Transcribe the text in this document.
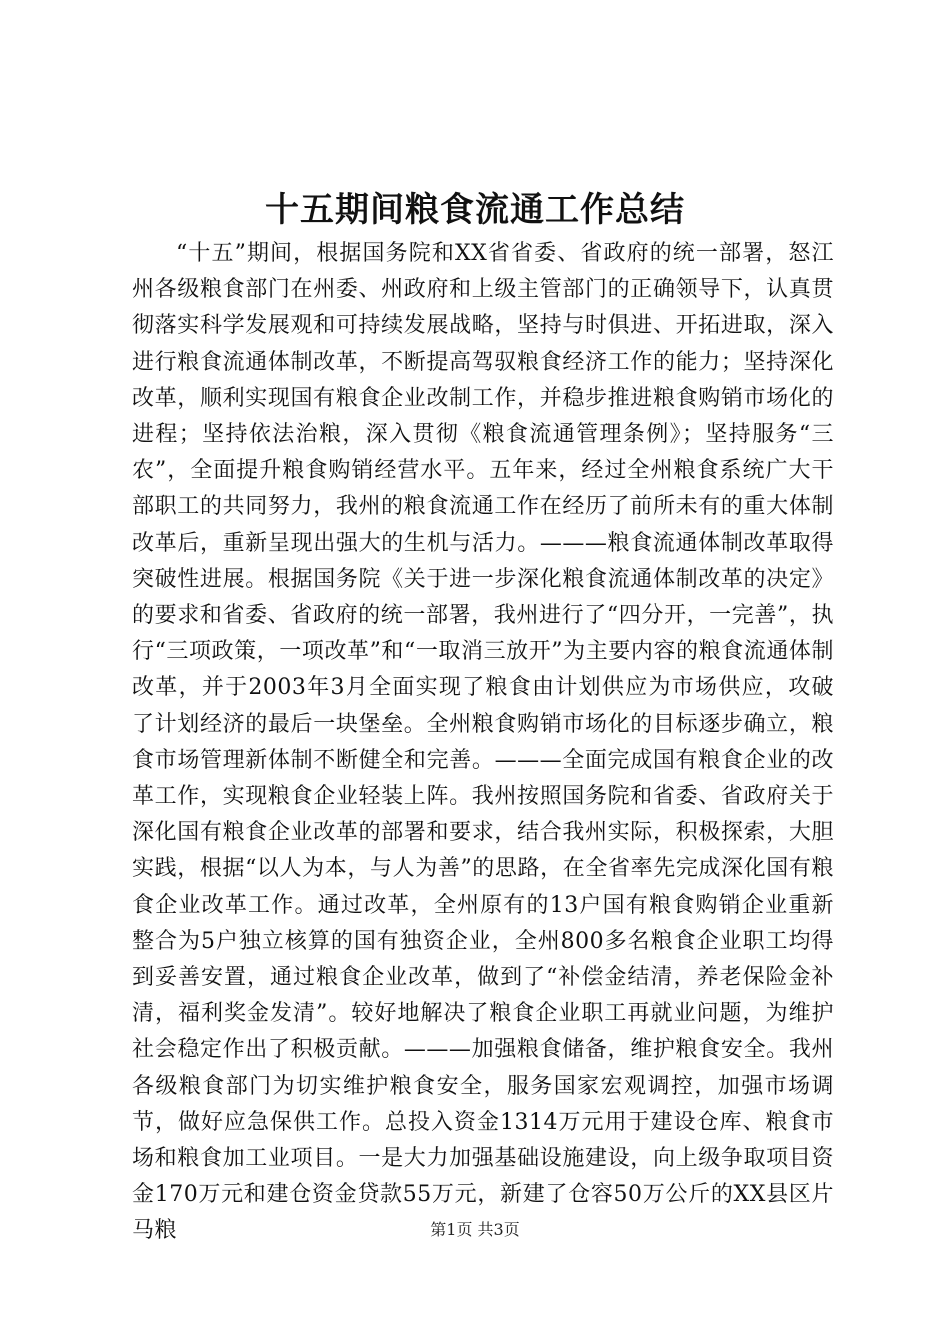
十五期间粮食流通工作总结

“十五”期间，根据国务院和XX省省委、省政府的统一部署，怒江州各级粮食部门在州委、州政府和上级主管部门的正确领导下，认真贯彻落实科学发展观和可持续发展战略，坚持与时俱进、开拓进取，深入进行粮食流通体制改革，不断提高驾驭粮食经济工作的能力；坚持深化改革，顺利实现国有粮食企业改制工作，并稳步推进粮食购销市场化的进程；坚持依法治粮，深入贯彻《粮食流通管理条例》；坚持服务“三农”，全面提升粮食购销经营水平。五年来，经过全州粮食系统广大干部职工的共同努力，我州的粮食流通工作在经历了前所未有的重大体制改革后，重新呈现出强大的生机与活力。———粮食流通体制改革取得突破性进展。根据国务院《关于进一步深化粮食流通体制改革的决定》的要求和省委、省政府的统一部署，我州进行了“四分开，一完善”，执行“三项政策，一项改革”和“一取消三放开”为主要内容的粮食流通体制改革，并于2003年3月全面实现了粮食由计划供应为市场供应，攻破了计划经济的最后一块堡垒。全州粮食购销市场化的目标逐步确立，粮食市场管理新体制不断健全和完善。———全面完成国有粮食企业的改革工作，实现粮食企业轻装上阵。我州按照国务院和省委、省政府关于深化国有粮食企业改革的部署和要求，结合我州实际，积极探索，大胆实践，根据“以人为本，与人为善”的思路，在全省率先完成深化国有粮食企业改革工作。通过改革，全州原有的13户国有粮食购销企业重新整合为5户独立核算的国有独资企业，全州800多名粮食企业职工均得到妥善安置，通过粮食企业改革，做到了“补偿金结清，养老保险金补清，福利奖金发清”。较好地解决了粮食企业职工再就业问题，为维护社会稳定作出了积极贡献。———加强粮食储备，维护粮食安全。我州各级粮食部门为切实维护粮食安全，服务国家宏观调控，加强市场调节，做好应急保供工作。总投入资金1314万元用于建设仓库、粮食市场和粮食加工业项目。一是大力加强基础设施建设，向上级争取项目资金170万元和建仓资金贷款55万元，新建了仓容50万公斤的XX县区片马粮	第1页 共3页
